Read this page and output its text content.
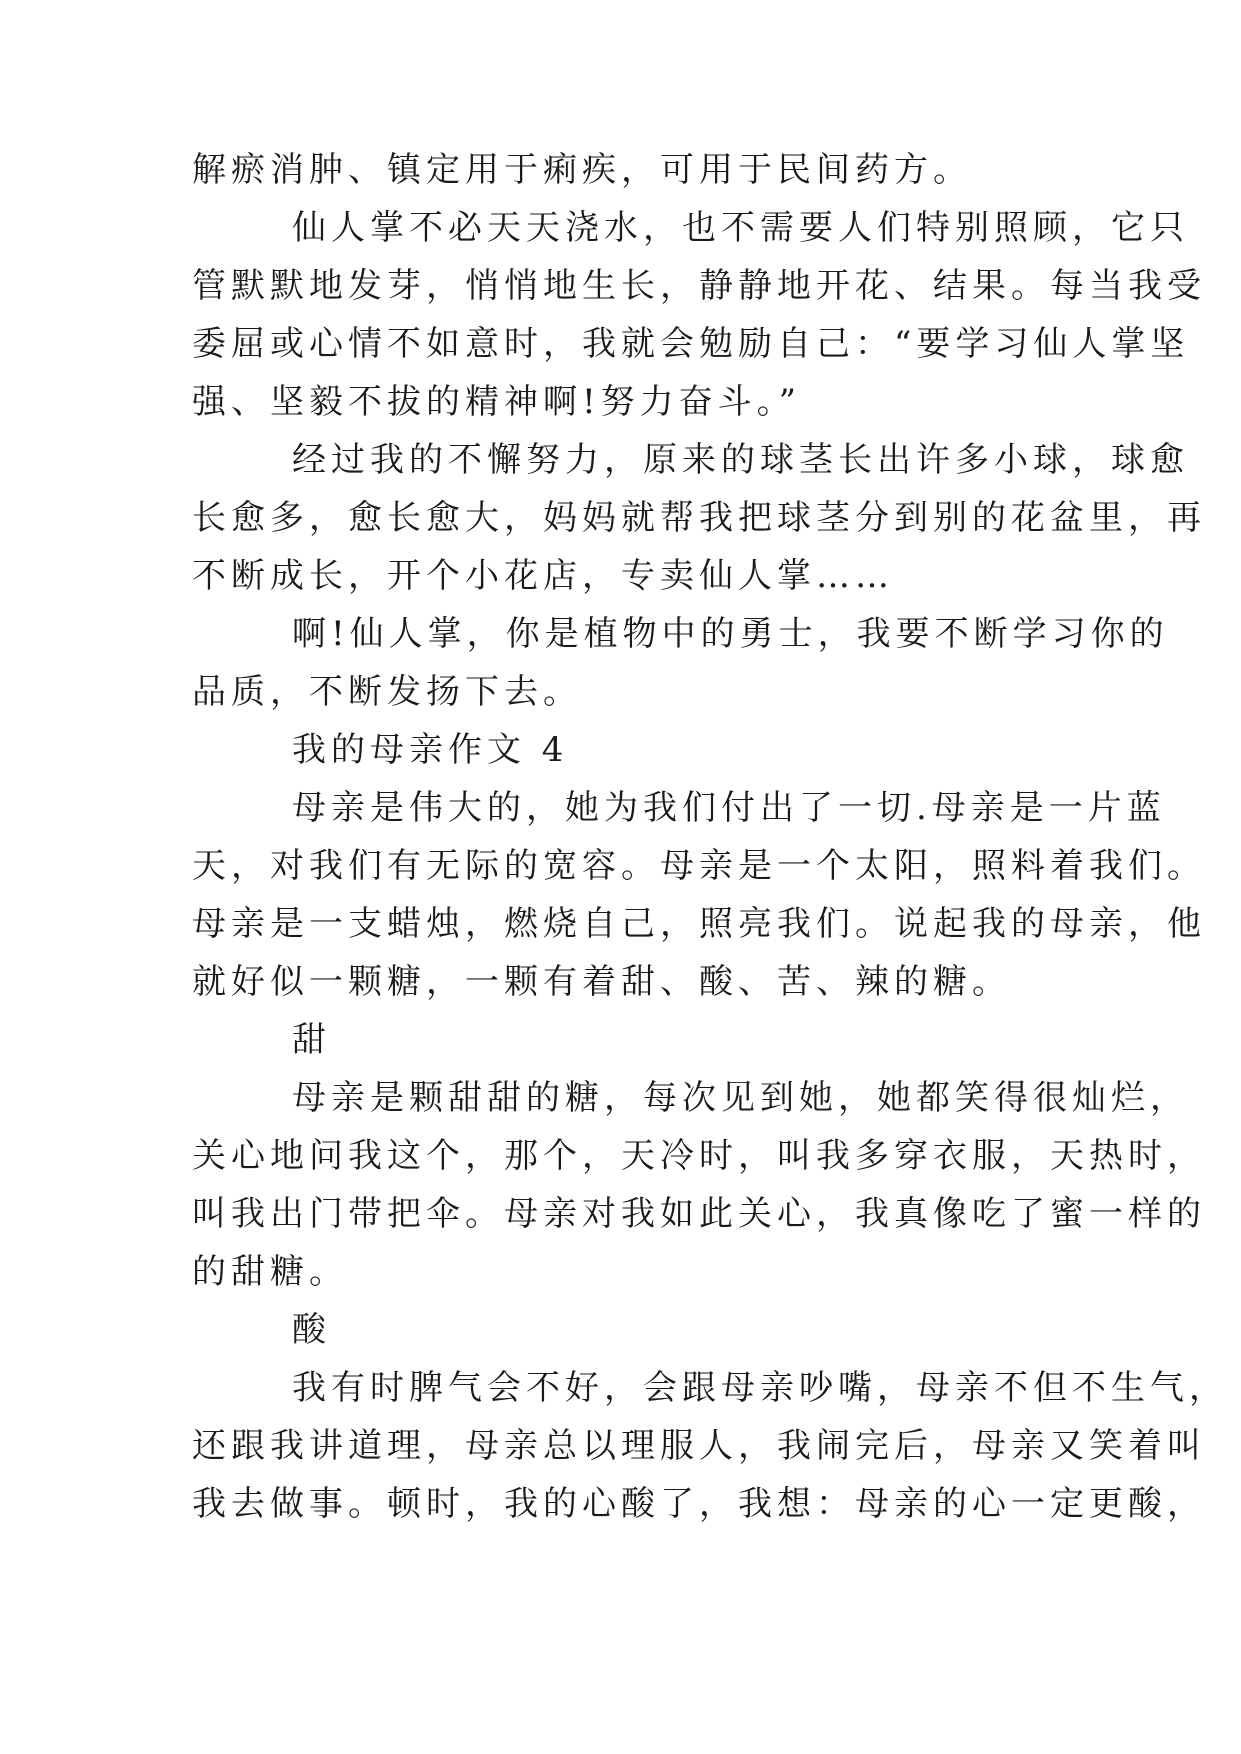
解瘀消肿、镇定用于痢疾，可用于民间药方。
仙人掌不必天天浇水，也不需要人们特别照顾，它只
管默默地发芽，悄悄地生长，静静地开花、结果。每当我受
委屈或心情不如意时，我就会勉励自己：“要学习仙人掌坚
强、坚毅不拔的精神啊!努力奋斗。”
经过我的不懈努力，原来的球茎长出许多小球，球愈
长愈多，愈长愈大，妈妈就帮我把球茎分到别的花盆里，再
不断成长，开个小花店，专卖仙人掌……
啊!仙人掌，你是植物中的勇士，我要不断学习你的
品质，不断发扬下去。
我的母亲作文 4
母亲是伟大的，她为我们付出了一切.母亲是一片蓝
天，对我们有无际的宽容。母亲是一个太阳，照料着我们。
母亲是一支蜡烛，燃烧自己，照亮我们。说起我的母亲，他
就好似一颗糖，一颗有着甜、酸、苦、辣的糖。
甜
母亲是颗甜甜的糖，每次见到她，她都笑得很灿烂，
关心地问我这个，那个，天冷时，叫我多穿衣服，天热时，
叫我出门带把伞。母亲对我如此关心，我真像吃了蜜一样的
的甜糖。
酸
我有时脾气会不好，会跟母亲吵嘴，母亲不但不生气，
还跟我讲道理，母亲总以理服人，我闹完后，母亲又笑着叫
我去做事。顿时，我的心酸了，我想：母亲的心一定更酸，
